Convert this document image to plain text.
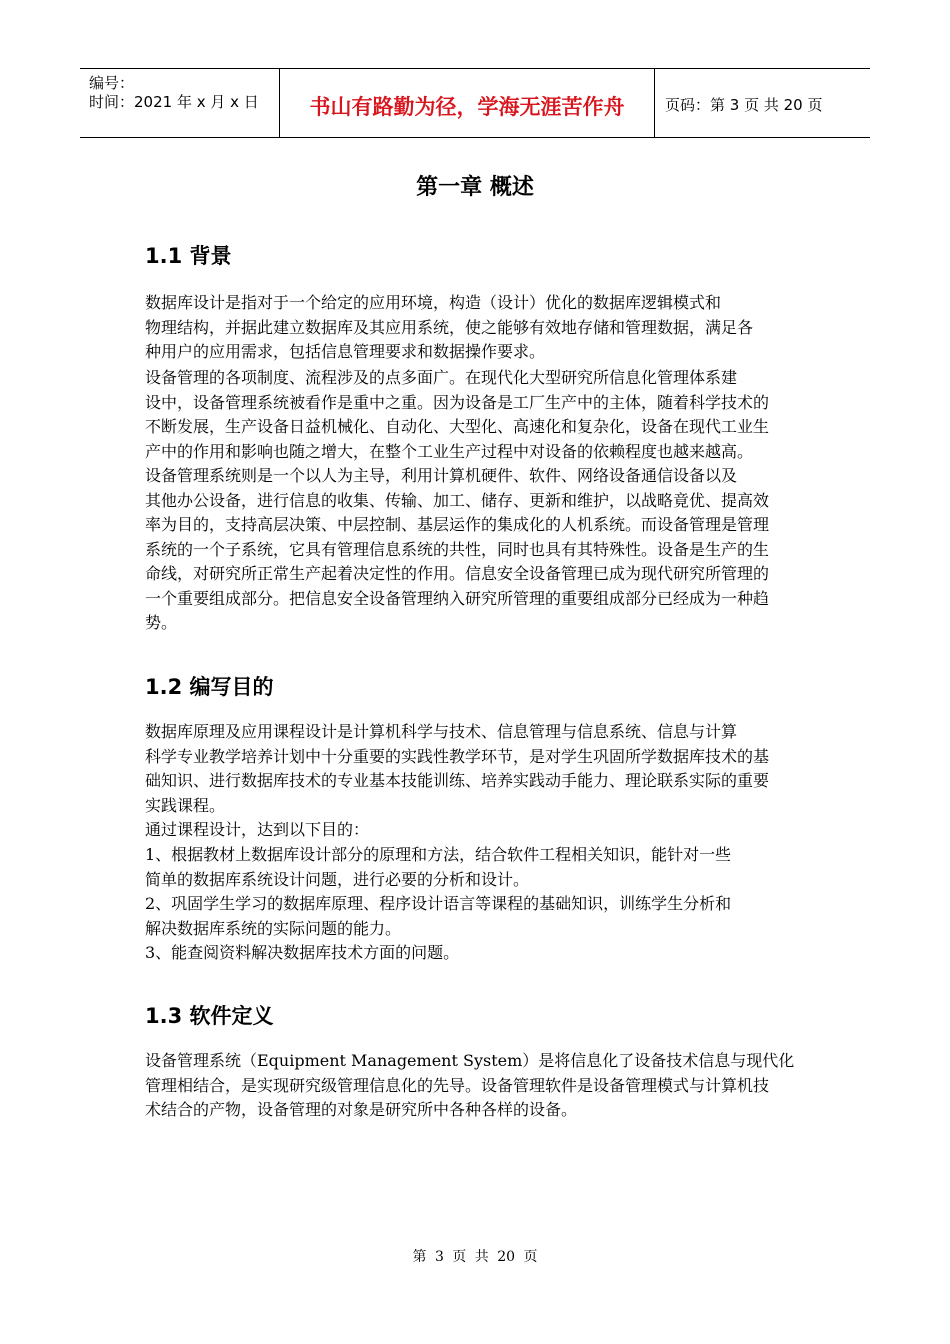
编号：
时间：2021 年 x 月 x 日	书山有路勤为径，学海无涯苦作舟	页码：第 3 页 共 20 页
第一章 概述
1.1 背景

数据库设计是指对于一个给定的应用环境，构造（设计）优化的数据库逻辑模式和
物理结构，并据此建立数据库及其应用系统，使之能够有效地存储和管理数据，满足各
种用户的应用需求，包括信息管理要求和数据操作要求。

设备管理的各项制度、流程涉及的点多面广。在现代化大型研究所信息化管理体系建
设中，设备管理系统被看作是重中之重。因为设备是工厂生产中的主体，随着科学技术的
不断发展，生产设备日益机械化、自动化、大型化、高速化和复杂化，设备在现代工业生
产中的作用和影响也随之增大，在整个工业生产过程中对设备的依赖程度也越来越高。

设备管理系统则是一个以人为主导，利用计算机硬件、软件、网络设备通信设备以及
其他办公设备，进行信息的收集、传输、加工、储存、更新和维护，以战略竟优、提高效
率为目的，支持高层决策、中层控制、基层运作的集成化的人机系统。而设备管理是管理
系统的一个子系统，它具有管理信息系统的共性，同时也具有其特殊性。设备是生产的生
命线，对研究所正常生产起着决定性的作用。信息安全设备管理已成为现代研究所管理的
一个重要组成部分。把信息安全设备管理纳入研究所管理的重要组成部分已经成为一种趋
势。

1.2 编写目的

数据库原理及应用课程设计是计算机科学与技术、信息管理与信息系统、信息与计算
科学专业教学培养计划中十分重要的实践性教学环节，是对学生巩固所学数据库技术的基
础知识、进行数据库技术的专业基本技能训练、培养实践动手能力、理论联系实际的重要
实践课程。

通过课程设计，达到以下目的：

1、根据教材上数据库设计部分的原理和方法，结合软件工程相关知识，能针对一些
简单的数据库系统设计问题，进行必要的分析和设计。

2、巩固学生学习的数据库原理、程序设计语言等课程的基础知识，训练学生分析和
解决数据库系统的实际问题的能力。

3、能查阅资料解决数据库技术方面的问题。

1.3 软件定义

设备管理系统（Equipment Management System）是将信息化了设备技术信息与现代化
管理相结合，是实现研究级管理信息化的先导。设备管理软件是设备管理模式与计算机技
术结合的产物，设备管理的对象是研究所中各种各样的设备。

第 3 页 共 20 页
